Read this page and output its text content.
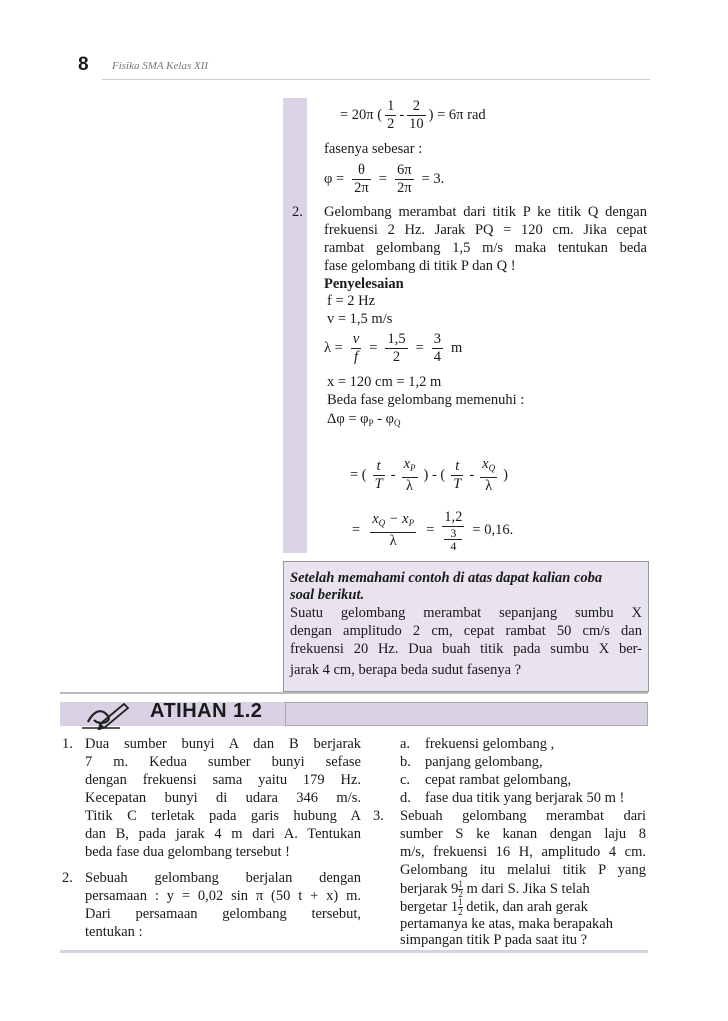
8 Fisika SMA Kelas XII
= 20π ( $\frac{1}{2} - \frac{2}{10}$ ) = 6π rad
fasenya sebesar :
$\varphi = \frac{\theta}{2\pi} = \frac{6\pi}{2\pi} = 3$.
2. Gelombang merambat dari titik P ke titik Q dengan
frekuensi 2 Hz. Jarak PQ = 120 cm. Jika cepat
rambat gelombang 1,5 m/s maka tentukan beda
fase gelombang di titik P dan Q !
Penyelesaian
f = 2 Hz
v = 1,5 m/s
$\lambda = \frac{v}{f} = \frac{1,5}{2} = \frac{3}{4}$ m
x = 120 cm = 1,2 m
Beda fase gelombang memenuhi :
$\Delta\varphi = \varphi_P - \varphi_Q$
= ( $\frac{t}{T} - \frac{x_P}{\lambda}$ ) - ( $\frac{t}{T} - \frac{x_Q}{\lambda}$ )
= $\frac{x_Q - x_P}{\lambda} = 1,2$
3
4 = 0,16.
Setelah memahami contoh di atas dapat kalian coba
soal berikut.
Suatu gelombang merambat sepanjang sumbu X
dengan amplitudo 2 cm, cepat rambat 50 cm/s dan
frekuensi 20 Hz. Dua buah titik pada sumbu X ber-
jarak 4 cm, berapa beda sudut fasenya ?
ATIHAN 1.2
1. Dua sumber bunyi A dan B berjarak
7 m. Kedua sumber bunyi sefase
dengan frekuensi sama yaitu 179 Hz.
Kecepatan bunyi di udara 346 m/s.
Titik C terletak pada garis hubung A
dan B, pada jarak 4 m dari A. Tentukan
beda fase dua gelombang tersebut !
2. Sebuah gelombang berjalan dengan
persamaan : y = 0,02 sin π (50 t + x) m.
Dari persamaan gelombang tersebut,
tentukan :
a. frekuensi gelombang ,
b. panjang gelombang,
c. cepat rambat gelombang,
d. fase dua titik yang berjarak 50 m !
3. Sebuah gelombang merambat dari
sumber S ke kanan dengan laju 8
m/s, frekuensi 16 H, amplitudo 4 cm.
Gelombang itu melalui titik P yang
berjarak $9 \frac{1}{2}$ m dari S. Jika S telah
bergetar $1 \frac{1}{2}$ detik, dan arah gerak
pertamanya ke atas, maka berapakah
simpangan titik P pada saat itu ?
